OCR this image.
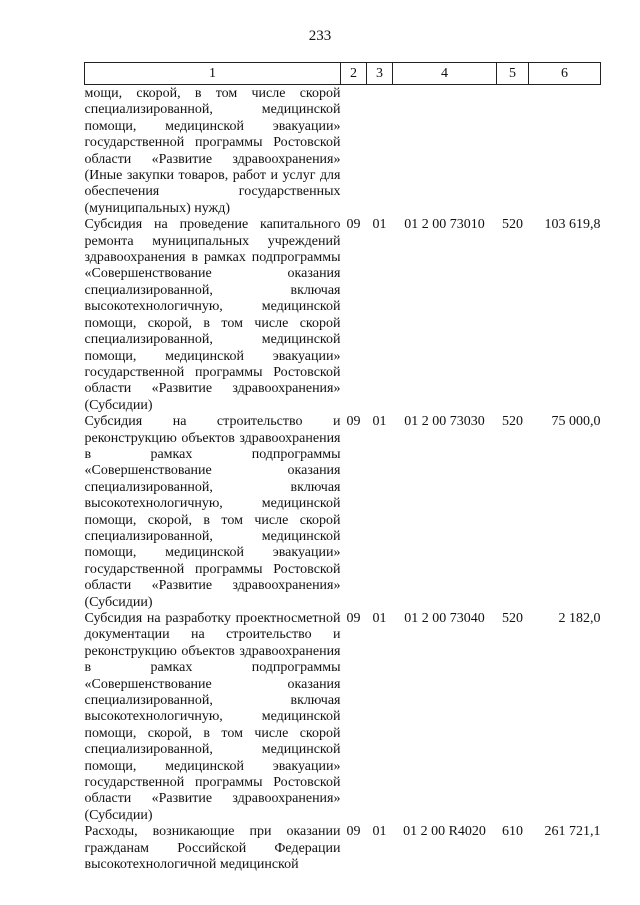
233
1	2	3	4	5	6
мощи, скорой, в том числе скорой специализированной, медицинской помощи, медицинской эвакуации» государственной программы Ростовской области «Развитие здравоохранения» (Иные закупки товаров, работ и услуг для обеспечения государственных (муниципальных) нужд)					
Субсидия на проведение капитального ремонта муниципальных учреждений здравоохранения в рамках подпрограммы «Совершенствование оказания специализированной, включая высокотехнологичную, медицинской помощи, скорой, в том числе скорой специализированной, медицинской помощи, медицинской эвакуации» государственной программы Ростовской области «Развитие здравоохранения» (Субсидии)	09	01	01 2 00 73010	520	103 619,8
Субсидия на строительство и реконструкцию объектов здравоохранения в рамках подпрограммы «Совершенствование оказания специализированной, включая высокотехнологичную, медицинской помощи, скорой, в том числе скорой специализированной, медицинской помощи, медицинской эвакуации» государственной программы Ростовской области «Развитие здравоохранения» (Субсидии)	09	01	01 2 00 73030	520	75 000,0
Субсидия на разработку проектносметной документации на строительство и реконструкцию объектов здравоохранения в рамках подпрограммы «Совершенствование оказания специализированной, включая высокотехнологичную, медицинской помощи, скорой, в том числе скорой специализированной, медицинской помощи, медицинской эвакуации» государственной программы Ростовской области «Развитие здравоохранения» (Субсидии)	09	01	01 2 00 73040	520	2 182,0
Расходы, возникающие при оказании гражданам Российской Федерации высокотехнологичной медицинской	09	01	01 2 00 R4020	610	261 721,1
